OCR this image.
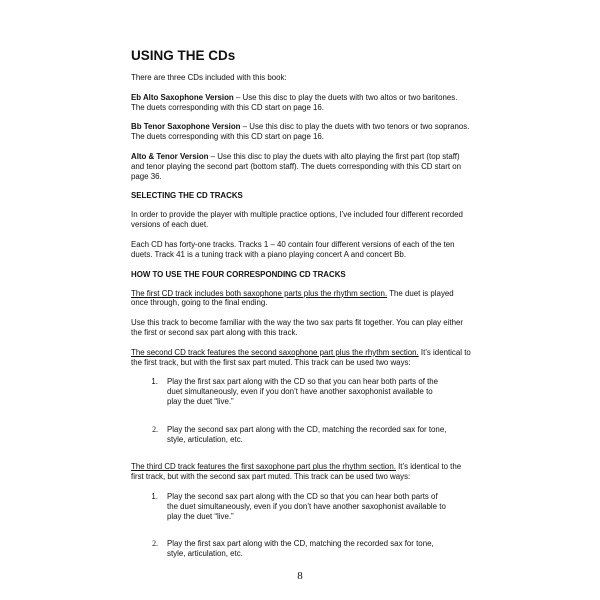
USING THE CDs

There are three CDs included with this book:

Eb Alto Saxophone Version – Use this disc to play the duets with two altos or two baritones. The duets corresponding with this CD start on page 16.

Bb Tenor Saxophone Version – Use this disc to play the duets with two tenors or two sopranos. The duets corresponding with this CD start on page 16.

Alto & Tenor Version – Use this disc to play the duets with alto playing the first part (top staff) and tenor playing the second part (bottom staff). The duets corresponding with this CD start on page 36.

SELECTING THE CD TRACKS

In order to provide the player with multiple practice options, I’ve included four different recorded versions of each duet.

Each CD has forty-one tracks. Tracks 1 – 40 contain four different versions of each of the ten duets. Track 41 is a tuning track with a piano playing concert A and concert Bb.

HOW TO USE THE FOUR CORRESPONDING CD TRACKS

The first CD track includes both saxophone parts plus the rhythm section. The duet is played once through, going to the final ending.

Use this track to become familiar with the way the two sax parts fit together. You can play either the first or second sax part along with this track.

The second CD track features the second saxophone part plus the rhythm section. It’s identical to the first track, but with the first sax part muted. This track can be used two ways:

1.	Play the first sax part along with the CD so that you can hear both parts of the duet simultaneously, even if you don’t have another saxophonist available to play the duet “live.”
2.	Play the second sax part along with the CD, matching the recorded sax for tone, style, articulation, etc.

The third CD track features the first saxophone part plus the rhythm section. It’s identical to the first track, but with the second sax part muted. This track can be used two ways:

1.	Play the second sax part along with the CD so that you can hear both parts of the duet simultaneously, even if you don’t have another saxophonist available to play the duet “live.”
2.	Play the first sax part along with the CD, matching the recorded sax for tone, style, articulation, etc.
8
